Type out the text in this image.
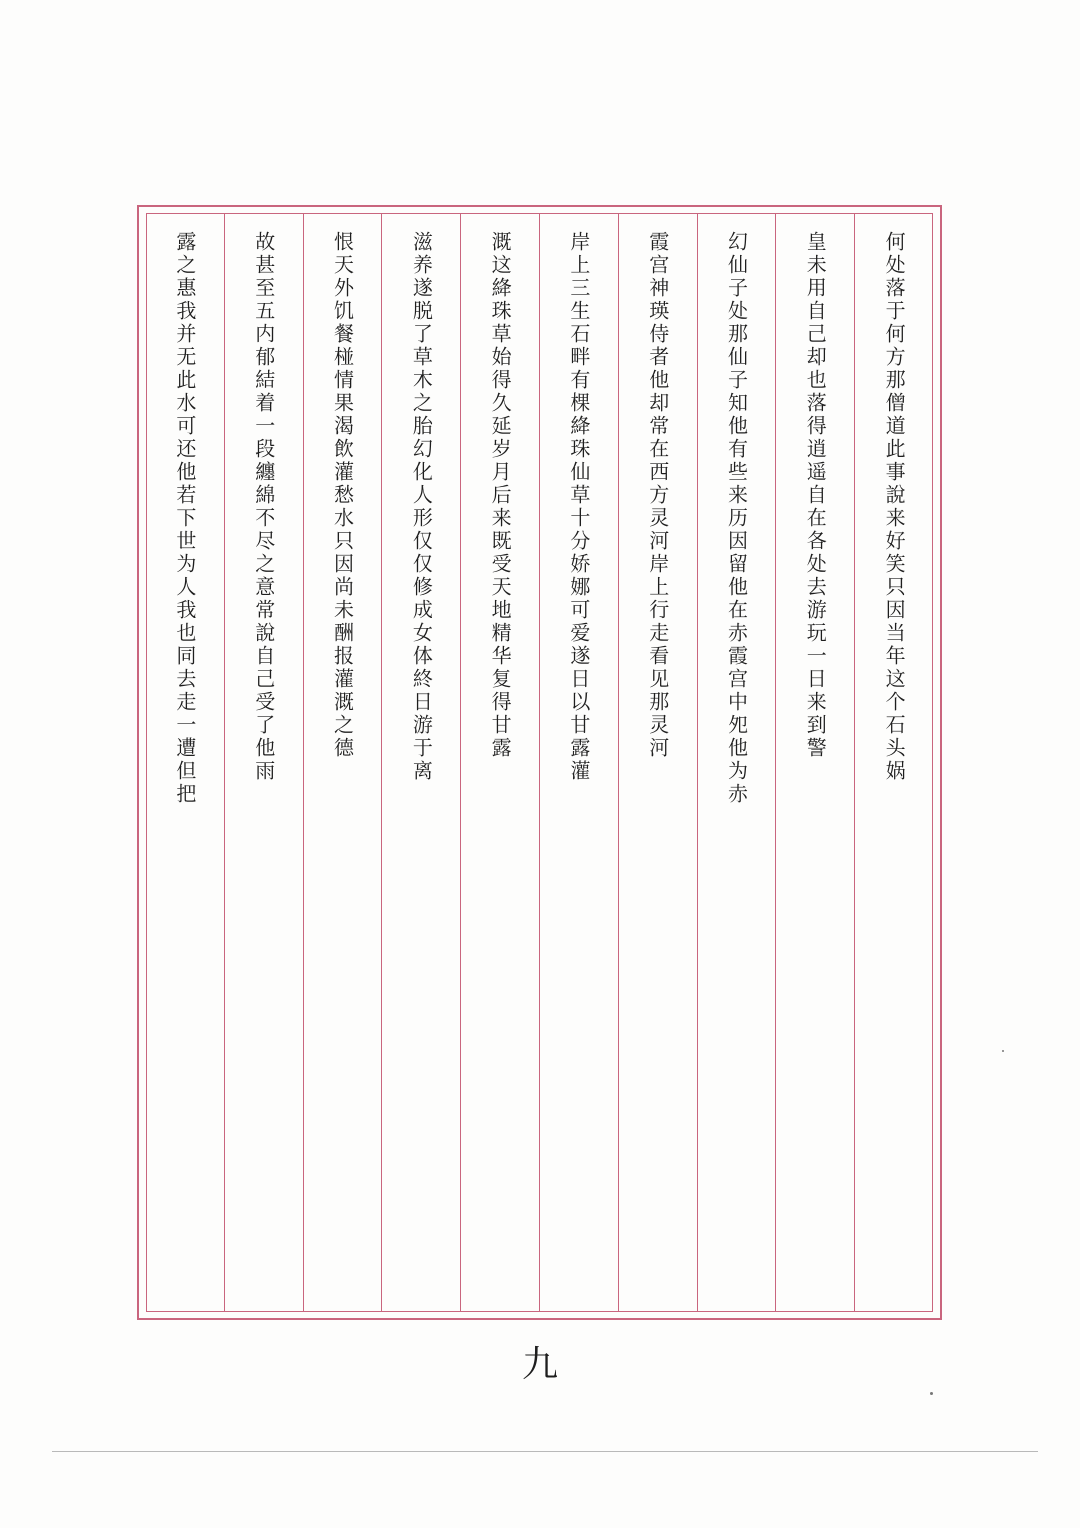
何处落于何方那僧道此事說来好笑只因当年这个石头娲
皇未用自己却也落得逍遥自在各处去游玩一日来到警
幻仙子处那仙子知他有些来历因留他在赤霞宫中夗他为赤
霞宫神瑛侍者他却常在西方灵河岸上行走看见那灵河
岸上三生石畔有棵絳珠仙草十分娇娜可爱遂日以甘露灌
溉这絳珠草始得久延岁月后来既受天地精华复得甘露
滋养遂脱了草木之胎幻化人形仅仅修成女体終日游于离
恨天外饥餐椪情果渴飲灌愁水只因尚未酬报灌溉之德
故甚至五内郁結着一段纏綿不尽之意常說自己受了他雨
露之惠我并无此水可还他若下世为人我也同去走一遭但把
九
